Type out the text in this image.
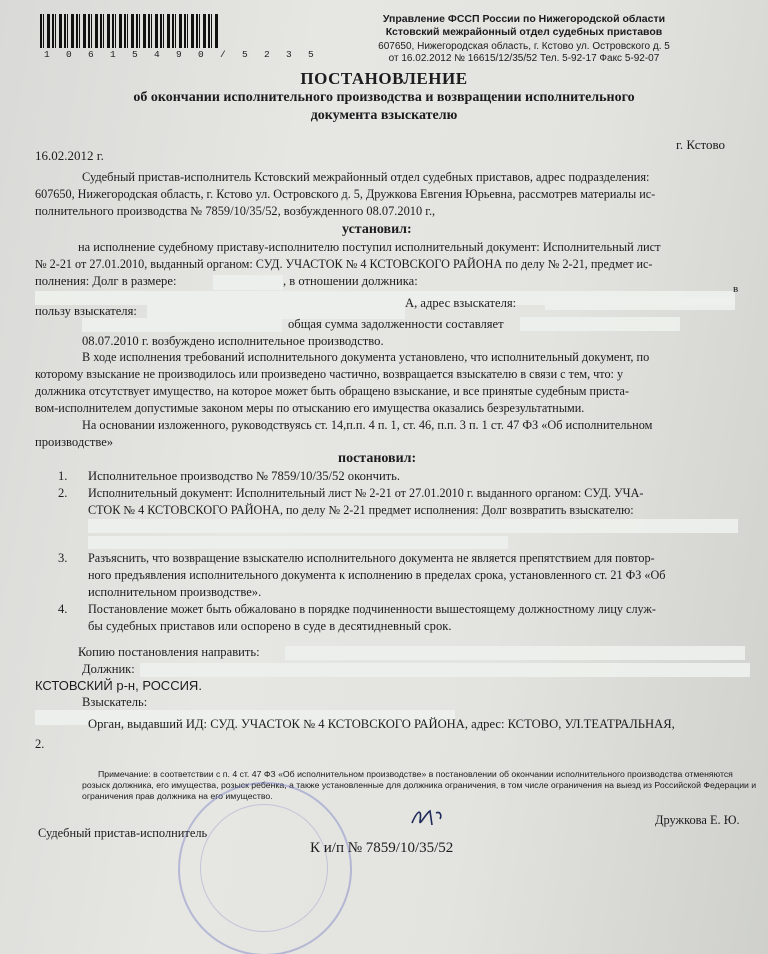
1 0 6 1 5 4 9 0 / 5 2 3 5
Управление ФССП России по Нижегородской области
Кстовский межрайонный отдел судебных приставов
607650, Нижегородская область, г. Кстово ул. Островского д. 5
от 16.02.2012 № 16615/12/35/52 Тел. 5-92-17 Факс 5-92-07
ПОСТАНОВЛЕНИЕ
об окончании исполнительного производства и возвращении исполнительного
документа взыскателю
г. Кстово
16.02.2012 г.
Судебный пристав-исполнитель Кстовский межрайонный отдел судебных приставов, адрес подразделения:
607650, Нижегородская область, г. Кстово ул. Островского д. 5, Дружкова Евгения Юрьевна, рассмотрев материалы ис-
полнительного производства № 7859/10/35/52, возбужденного 08.07.2010 г.,
установил:
на исполнение судебному приставу-исполнителю поступил исполнительный документ: Исполнительный лист
№ 2-21 от 27.01.2010, выданный органом: СУД. УЧАСТОК № 4 КСТОВСКОГО РАЙОНА по делу № 2-21, предмет ис-
полнения: Долг в размере:	, в отношении должника:
в
пользу взыскателя:
А, адрес взыскателя:
общая сумма задолженности составляет
08.07.2010 г. возбуждено исполнительное производство.
В ходе исполнения требований исполнительного документа установлено, что исполнительный документ, по
которому взыскание не производилось или произведено частично, возвращается взыскателю в связи с тем, что: у
должника отсутствует имущество, на которое может быть обращено взыскание, и все принятые судебным приста-
вом-исполнителем допустимые законом меры по отысканию его имущества оказались безрезультатными.
На основании изложенного, руководствуясь ст. 14,п.п. 4 п. 1, ст. 46, п.п. 3 п. 1 ст. 47 ФЗ «Об исполнительном
производстве»
постановил:
1. Исполнительное производство № 7859/10/35/52 окончить.
2. Исполнительный документ: Исполнительный лист № 2-21 от 27.01.2010 г. выданного органом: СУД. УЧА-
СТОК № 4 КСТОВСКОГО РАЙОНА, по делу № 2-21 предмет исполнения: Долг возвратить взыскателю:
3. Разъяснить, что возвращение взыскателю исполнительного документа не является препятствием для повтор-
ного предъявления исполнительного документа к исполнению в пределах срока, установленного ст. 21 ФЗ «Об
исполнительном производстве».
4. Постановление может быть обжаловано в порядке подчиненности вышестоящему должностному лицу служ-
бы судебных приставов или оспорено в суде в десятидневный срок.
Копию постановления направить:
Должник:
КСТОВСКИЙ р-н, РОССИЯ.
Взыскатель:
Орган, выдавший ИД: СУД. УЧАСТОК № 4 КСТОВСКОГО РАЙОНА, адрес: КСТОВО, УЛ.ТЕАТРАЛЬНАЯ,
2.
Примечание: в соответствии с п. 4 ст. 47 ФЗ «Об исполнительном производстве» в постановлении об окончании исполнительного производства отменяются
розыск должника, его имущества, розыск ребенка, а также установленные для должника ограничения, в том числе ограничения на выезд из Российской Федерации и
ограничения прав должника на его имущество.
Судебный пристав-исполнитель
Дружкова Е. Ю.
К и/п № 7859/10/35/52
